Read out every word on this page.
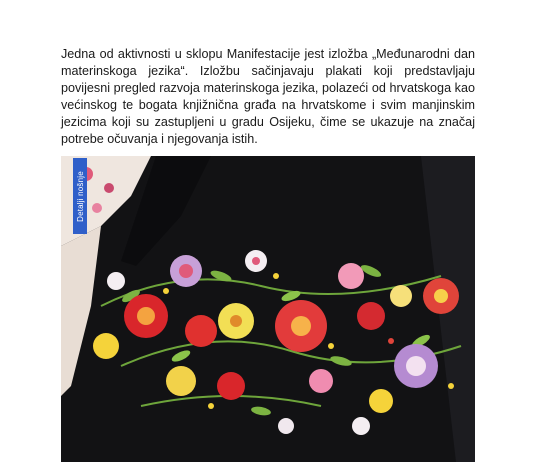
Jedna od aktivnosti u sklopu Manifestacije jest izložba „Međunarodni dan materinskoga jezika“. Izložbu sačinjavaju plakati koji predstavljaju povijesni pregled razvoja materinskoga jezika, polazeći od hrvatskoga kao većinskog te bogata knjižnična građa na hrvatskome i svim manjinskim jezicima koji su zastupljeni u gradu Osijeku, čime se ukazuje na značaj potrebe očuvanja i njegovanja istih.

Detalji nošnje
